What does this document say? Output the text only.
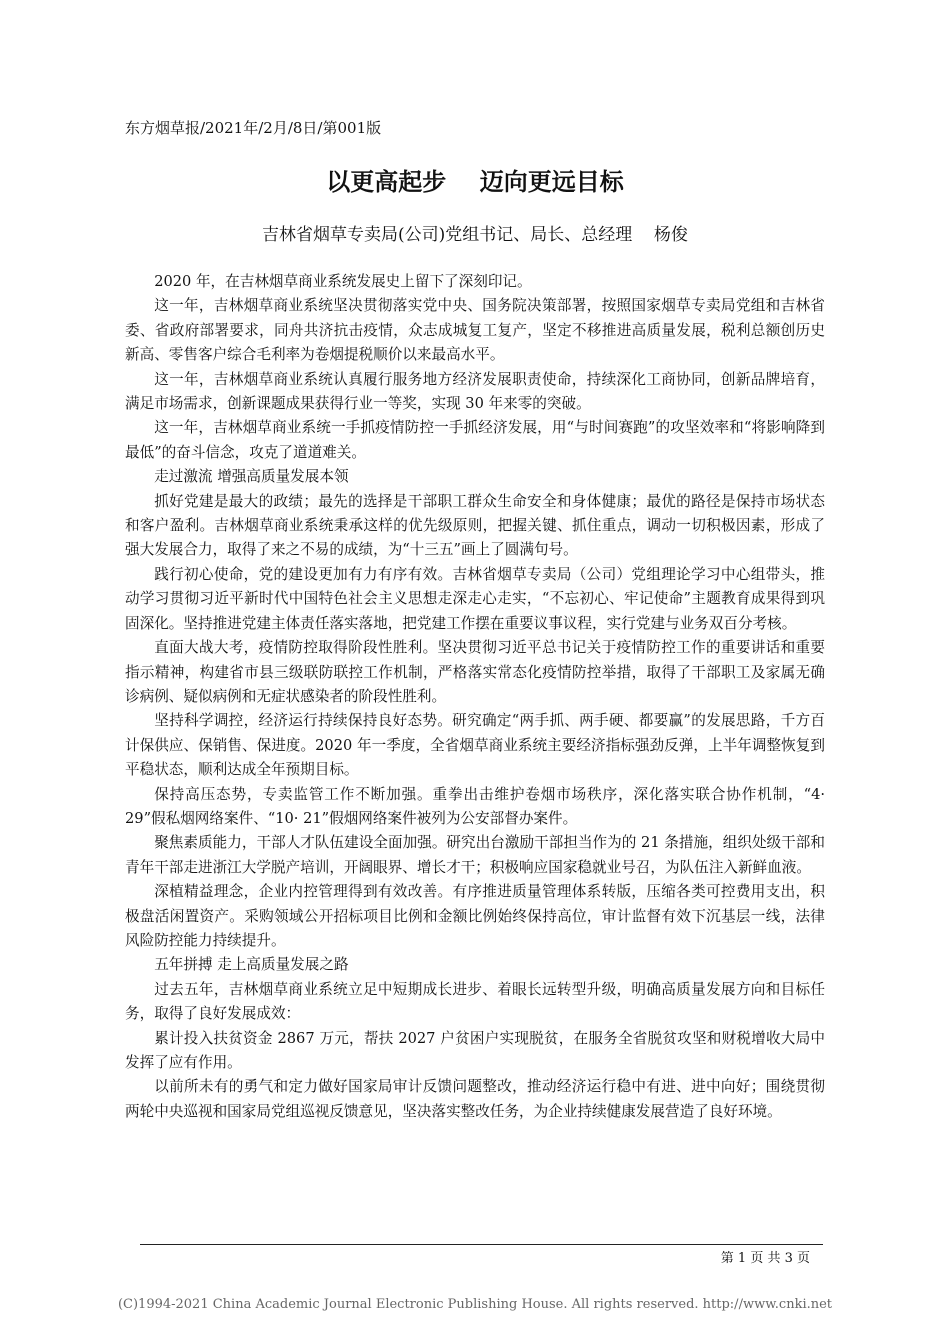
东方烟草报/2021年/2月/8日/第001版
以更高起步    迈向更远目标
吉林省烟草专卖局(公司)党组书记、局长、总经理    杨俊

2020 年，在吉林烟草商业系统发展史上留下了深刻印记。

这一年，吉林烟草商业系统坚决贯彻落实党中央、国务院决策部署，按照国家烟草专卖局党组和吉林省委、省政府部署要求，同舟共济抗击疫情，众志成城复工复产，坚定不移推进高质量发展，税利总额创历史新高、零售客户综合毛利率为卷烟提税顺价以来最高水平。

这一年，吉林烟草商业系统认真履行服务地方经济发展职责使命，持续深化工商协同，创新品牌培育，满足市场需求，创新课题成果获得行业一等奖，实现 30 年来零的突破。

这一年，吉林烟草商业系统一手抓疫情防控一手抓经济发展，用“与时间赛跑”的攻坚效率和“将影响降到最低”的奋斗信念，攻克了道道难关。

走过激流 增强高质量发展本领

抓好党建是最大的政绩；最先的选择是干部职工群众生命安全和身体健康；最优的路径是保持市场状态和客户盈利。吉林烟草商业系统秉承这样的优先级原则，把握关键、抓住重点，调动一切积极因素，形成了强大发展合力，取得了来之不易的成绩，为“十三五”画上了圆满句号。

践行初心使命，党的建设更加有力有序有效。吉林省烟草专卖局（公司）党组理论学习中心组带头，推动学习贯彻习近平新时代中国特色社会主义思想走深走心走实，“不忘初心、牢记使命”主题教育成果得到巩固深化。坚持推进党建主体责任落实落地，把党建工作摆在重要议事议程，实行党建与业务双百分考核。

直面大战大考，疫情防控取得阶段性胜利。坚决贯彻习近平总书记关于疫情防控工作的重要讲话和重要指示精神，构建省市县三级联防联控工作机制，严格落实常态化疫情防控举措，取得了干部职工及家属无确诊病例、疑似病例和无症状感染者的阶段性胜利。

坚持科学调控，经济运行持续保持良好态势。研究确定“两手抓、两手硬、都要赢”的发展思路，千方百计保供应、保销售、保进度。2020 年一季度，全省烟草商业系统主要经济指标强劲反弹，上半年调整恢复到平稳状态，顺利达成全年预期目标。

保持高压态势，专卖监管工作不断加强。重拳出击维护卷烟市场秩序，深化落实联合协作机制，“4· 29”假私烟网络案件、“10· 21”假烟网络案件被列为公安部督办案件。

聚焦素质能力，干部人才队伍建设全面加强。研究出台激励干部担当作为的 21 条措施，组织处级干部和青年干部走进浙江大学脱产培训，开阔眼界、增长才干；积极响应国家稳就业号召，为队伍注入新鲜血液。

深植精益理念，企业内控管理得到有效改善。有序推进质量管理体系转版，压缩各类可控费用支出，积极盘活闲置资产。采购领域公开招标项目比例和金额比例始终保持高位，审计监督有效下沉基层一线，法律风险防控能力持续提升。

五年拼搏 走上高质量发展之路

过去五年，吉林烟草商业系统立足中短期成长进步、着眼长远转型升级，明确高质量发展方向和目标任务，取得了良好发展成效：

累计投入扶贫资金 2867 万元，帮扶 2027 户贫困户实现脱贫，在服务全省脱贫攻坚和财税增收大局中发挥了应有作用。

以前所未有的勇气和定力做好国家局审计反馈问题整改，推动经济运行稳中有进、进中向好；围绕贯彻两轮中央巡视和国家局党组巡视反馈意见，坚决落实整改任务，为企业持续健康发展营造了良好环境。

第 1 页 共 3 页
(C)1994-2021 China Academic Journal Electronic Publishing House. All rights reserved. http://www.cnki.net
